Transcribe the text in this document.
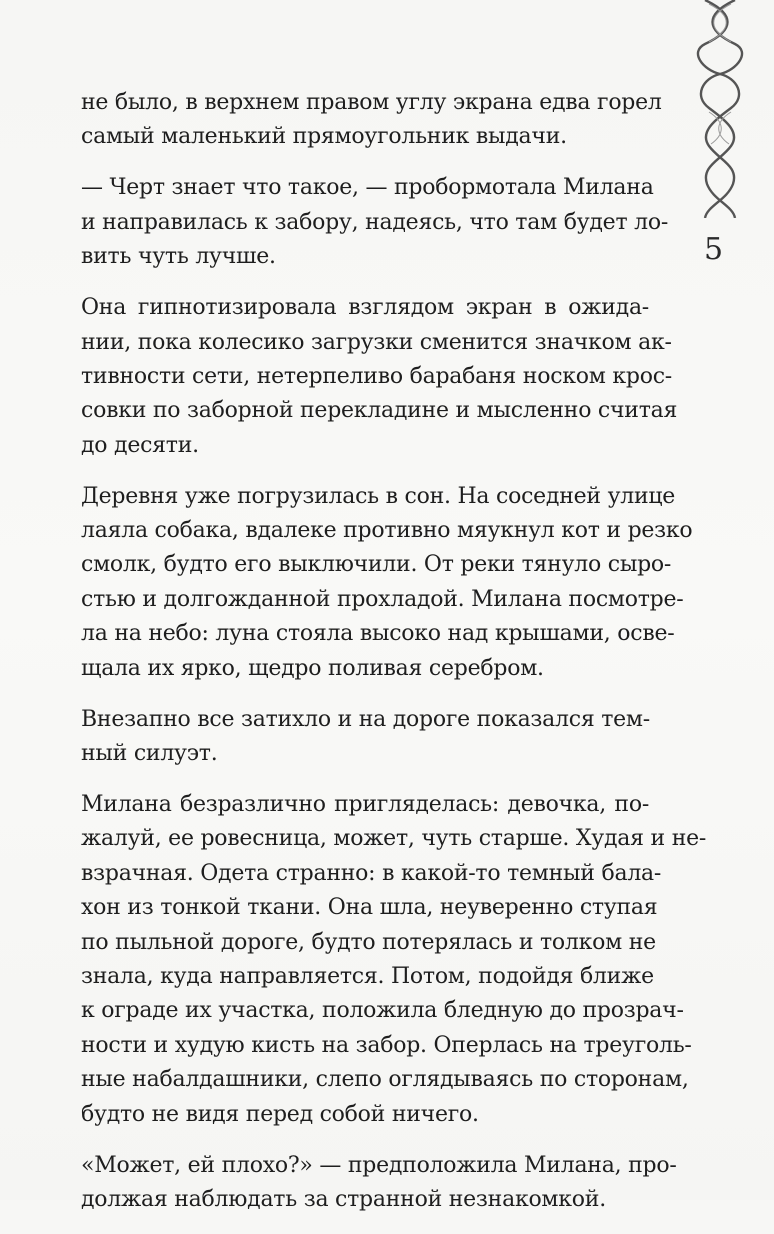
5
не было, в верхнем правом углу экрана едва горел
самый маленький прямоугольник выдачи.
— Черт знает что такое, — пробормотала Милана
и направилась к забору, надеясь, что там будет ло-
вить чуть лучше.
Она гипнотизировала взглядом экран в ожида-
нии, пока колесико загрузки сменится значком ак-
тивности сети, нетерпеливо барабаня носком крос-
совки по заборной перекладине и мысленно считая
до десяти.
Деревня уже погрузилась в сон. На соседней улице
лаяла собака, вдалеке противно мяукнул кот и резко
смолк, будто его выключили. От реки тянуло сыро-
стью и долгожданной прохладой. Милана посмотре-
ла на небо: луна стояла высоко над крышами, осве-
щала их ярко, щедро поливая серебром.
Внезапно все затихло и на дороге показался тем-
ный силуэт.
Милана безразлично пригляделась: девочка, по-
жалуй, ее ровесница, может, чуть старше. Худая и не-
взрачная. Одета странно: в какой-то темный бала-
хон из тонкой ткани. Она шла, неуверенно ступая
по пыльной дороге, будто потерялась и толком не
знала, куда направляется. Потом, подойдя ближе
к ограде их участка, положила бледную до прозрач-
ности и худую кисть на забор. Оперлась на треуголь-
ные набалдашники, слепо оглядываясь по сторонам,
будто не видя перед собой ничего.
«Может, ей плохо?» — предположила Милана, про-
должая наблюдать за странной незнакомкой.
